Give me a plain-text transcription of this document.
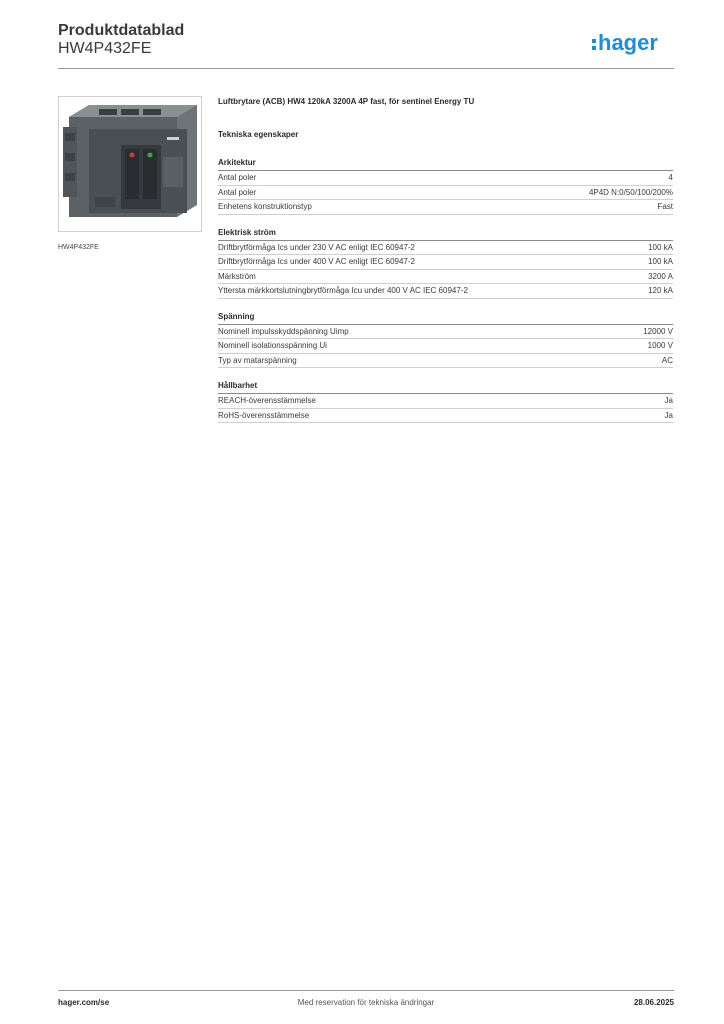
Produktdatablad
HW4P432FE	hager
HW4P432FE
Luftbrytare (ACB) HW4 120kA 3200A 4P fast, för sentinel Energy TU
Tekniska egenskaper
Arkitektur
Antal poler	4
Antal poler	4P4D N:0/50/100/200%
Enhetens konstruktionstyp	Fast
Elektrisk ström
Driftbrytförmåga Ics under 230 V AC enligt IEC 60947-2	100 kA
Driftbrytförmåga Ics under 400 V AC enligt IEC 60947-2	100 kA
Märkström	3200 A
Yttersta märkkortslutningbrytförmåga Icu under 400 V AC IEC 60947-2	120 kA
Spänning
Nominell impulsskyddspänning Uimp	12000 V
Nominell isolationsspänning Ui	1000 V
Typ av matarspänning	AC
Hållbarhet
REACH-överensstämmelse	Ja
RoHS-överensstämmelse	Ja
hager.com/se	Med reservation för tekniska ändringar	28.06.2025
